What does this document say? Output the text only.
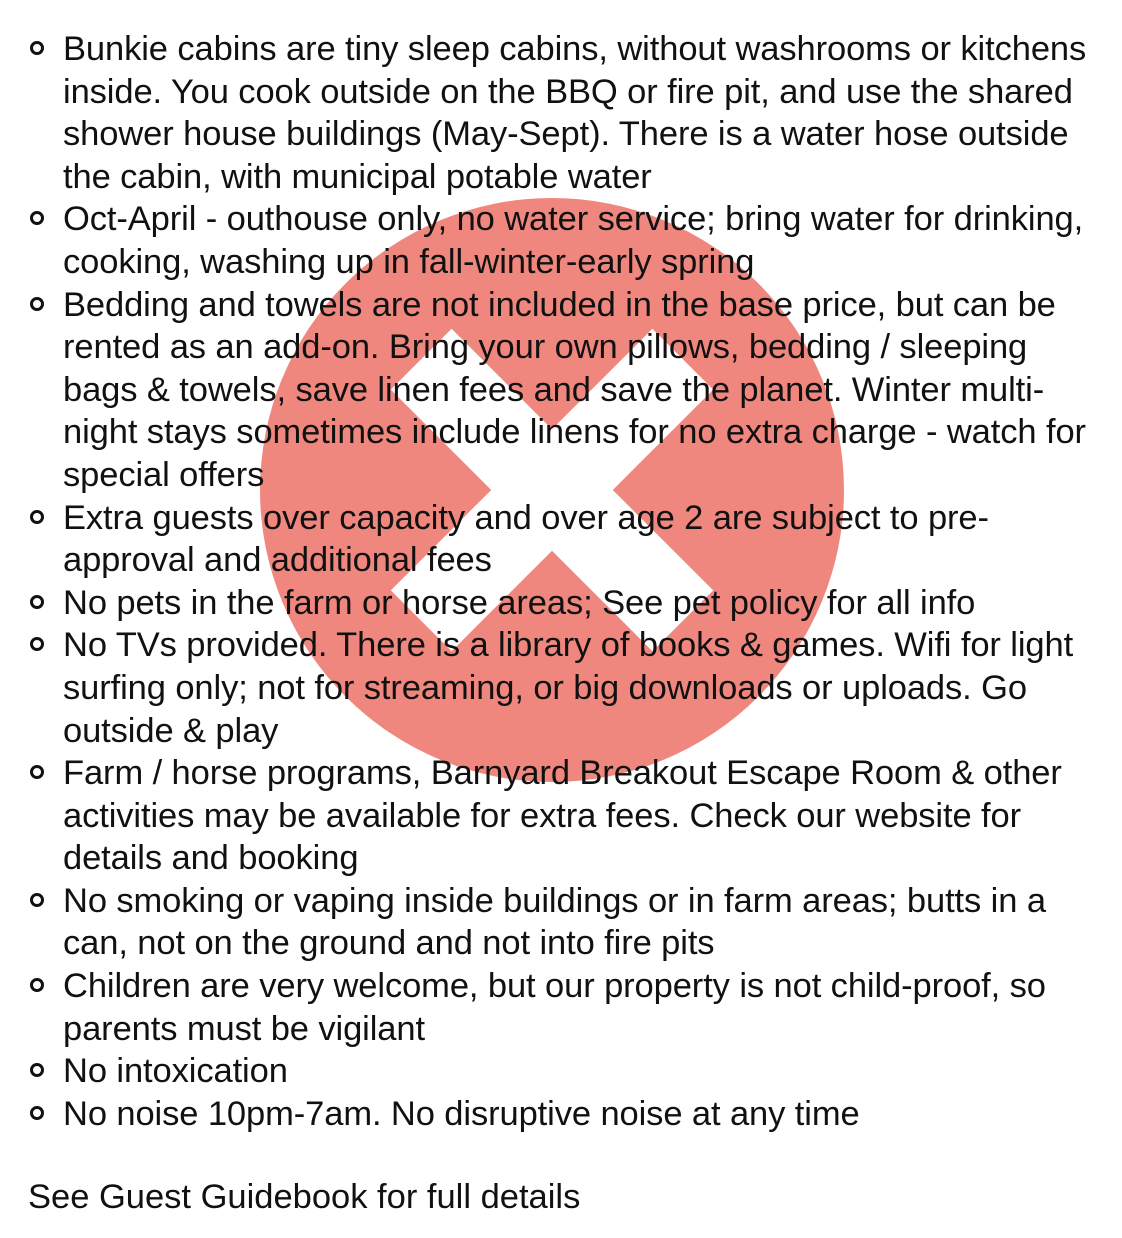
Bunkie cabins are tiny sleep cabins, without washrooms or kitchens inside. You cook outside on the BBQ or fire pit, and use the shared shower house buildings (May-Sept). There is a water hose outside the cabin, with municipal potable water
Oct-April - outhouse only, no water service; bring water for drinking, cooking, washing up in fall-winter-early spring
Bedding and towels are not included in the base price, but can be rented as an add-on. Bring your own pillows, bedding / sleeping bags & towels, save linen fees and save the planet. Winter multi-night stays sometimes include linens for no extra charge - watch for special offers
Extra guests over capacity and over age 2 are subject to pre-approval and additional fees
No pets in the farm or horse areas; See pet policy for all info
No TVs provided. There is a library of books & games. Wifi for light surfing only; not for streaming, or big downloads or uploads. Go outside & play
Farm / horse programs, Barnyard Breakout Escape Room & other activities may be available for extra fees. Check our website for details and booking
No smoking or vaping inside buildings or in farm areas; butts in a can, not on the ground and not into fire pits
Children are very welcome, but our property is not child-proof, so parents must be vigilant
No intoxication
No noise 10pm-7am. No disruptive noise at any time
See Guest Guidebook for full details
